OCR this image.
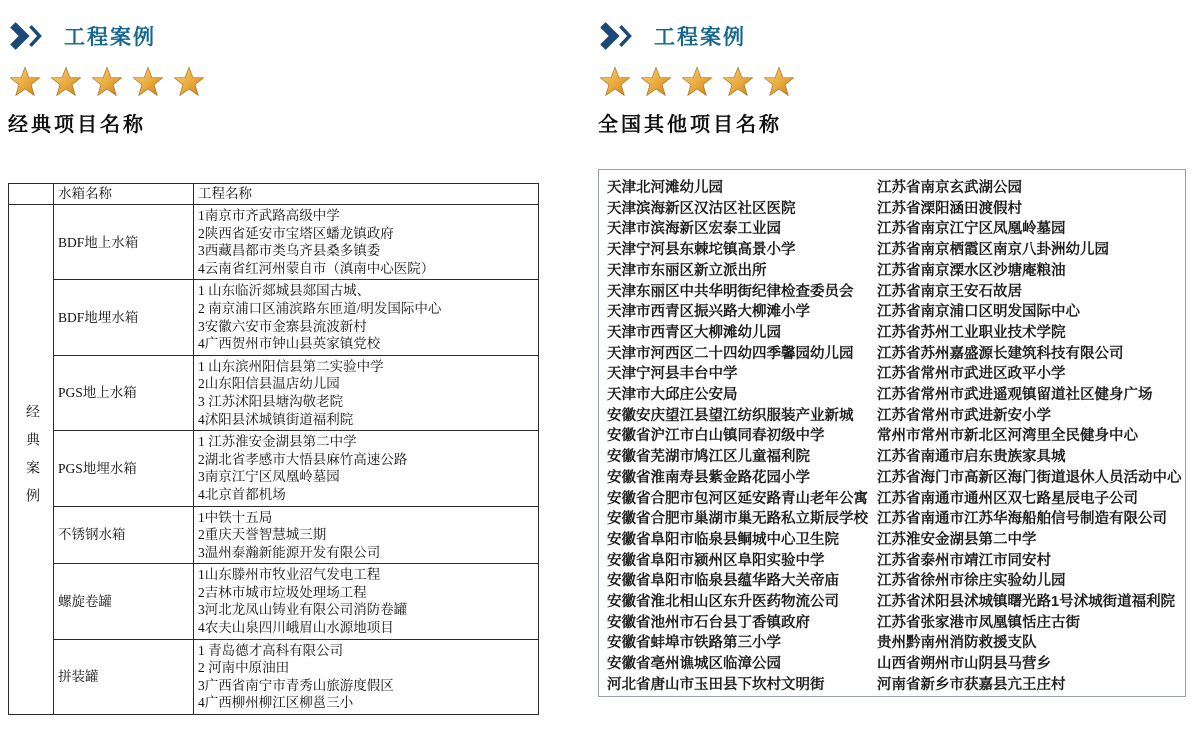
工程案例
经典项目名称
	水箱名称	工程名称

经典案例	BDF地上水箱	1南京市齐武路高级中学
2陕西省延安市宝塔区蟠龙镇政府
3西藏昌都市类乌齐县桑多镇委
4云南省红河州蒙自市（滇南中心医院）

	BDF地埋水箱	1 山东临沂郯城县郯国古城、
2 南京浦口区浦滨路东匝道/明发国际中心
3安徽六安市金寨县流波新村
4广西贺州市钟山县英家镇党校

	PGS地上水箱	1 山东滨州阳信县第二实验中学
2山东阳信县温店幼儿园
3 江苏沭阳县塘沟敬老院
4沭阳县沭城镇街道福利院

	PGS地埋水箱	1 江苏淮安金湖县第二中学
2湖北省孝感市大悟县麻竹高速公路
3南京江宁区凤凰岭墓园
4北京首都机场

	不锈钢水箱	1中铁十五局
2重庆天誉智慧城三期
3温州泰瀚新能源开发有限公司

	螺旋卷罐	1山东滕州市牧业沼气发电工程
2吉林市城市垃圾处理场工程
3河北龙凤山铸业有限公司消防卷罐
4农夫山泉四川峨眉山水源地项目

	拼装罐	1 青岛德才高科有限公司
2 河南中原油田
3广西省南宁市青秀山旅游度假区
4广西柳州柳江区柳邕三小
工程案例
全国其他项目名称
天津北河滩幼儿园
天津滨海新区汉沽区社区医院
天津市滨海新区宏泰工业园
天津宁河县东棘坨镇高景小学
天津市东丽区新立派出所
天津东丽区中共华明街纪律检查委员会
天津市西青区振兴路大柳滩小学
天津市西青区大柳滩幼儿园
天津市河西区二十四幼四季馨园幼儿园
天津宁河县丰台中学
天津市大邱庄公安局
安徽安庆望江县望江纺织服装产业新城
安徽省沪江市白山镇同春初级中学
安徽省芜湖市鸠江区儿童福利院
安徽省淮南寿县紫金路花园小学
安徽省合肥市包河区延安路青山老年公寓
安徽省合肥市巢湖市巢无路私立斯辰学校
安徽省阜阳市临泉县鲖城中心卫生院
安徽省阜阳市颍州区阜阳实验中学
安徽省阜阳市临泉县蕴华路大关帝庙
安徽省淮北相山区东升医药物流公司
安徽省池州市石台县丁香镇政府
安徽省蚌埠市铁路第三小学
安徽省亳州谯城区临漳公园
河北省唐山市玉田县下坎村文明街
江苏省南京玄武湖公园
江苏省溧阳涵田渡假村
江苏省南京江宁区凤凰岭墓园
江苏省南京栖霞区南京八卦洲幼儿园
江苏省南京溧水区沙塘庵粮油
江苏省南京王安石故居
江苏省南京浦口区明发国际中心
江苏省苏州工业职业技术学院
江苏省苏州嘉盛源长建筑科技有限公司
江苏省常州市武进区政平小学
江苏省常州市武进遥观镇留道社区健身广场
江苏省常州市武进新安小学
常州市常州市新北区河湾里全民健身中心
江苏省南通市启东贵族家具城
江苏省海门市高新区海门街道退休人员活动中心
江苏省南通市通州区双七路星辰电子公司
江苏省南通市江苏华海船舶信号制造有限公司
江苏淮安金湖县第二中学
江苏省泰州市靖江市同安村
江苏省徐州市徐庄实验幼儿园
江苏省沭阳县沭城镇曙光路1号沭城街道福利院
江苏省张家港市凤凰镇恬庄古街
贵州黔南州消防救援支队
山西省朔州市山阴县马营乡
河南省新乡市获嘉县亢王庄村
